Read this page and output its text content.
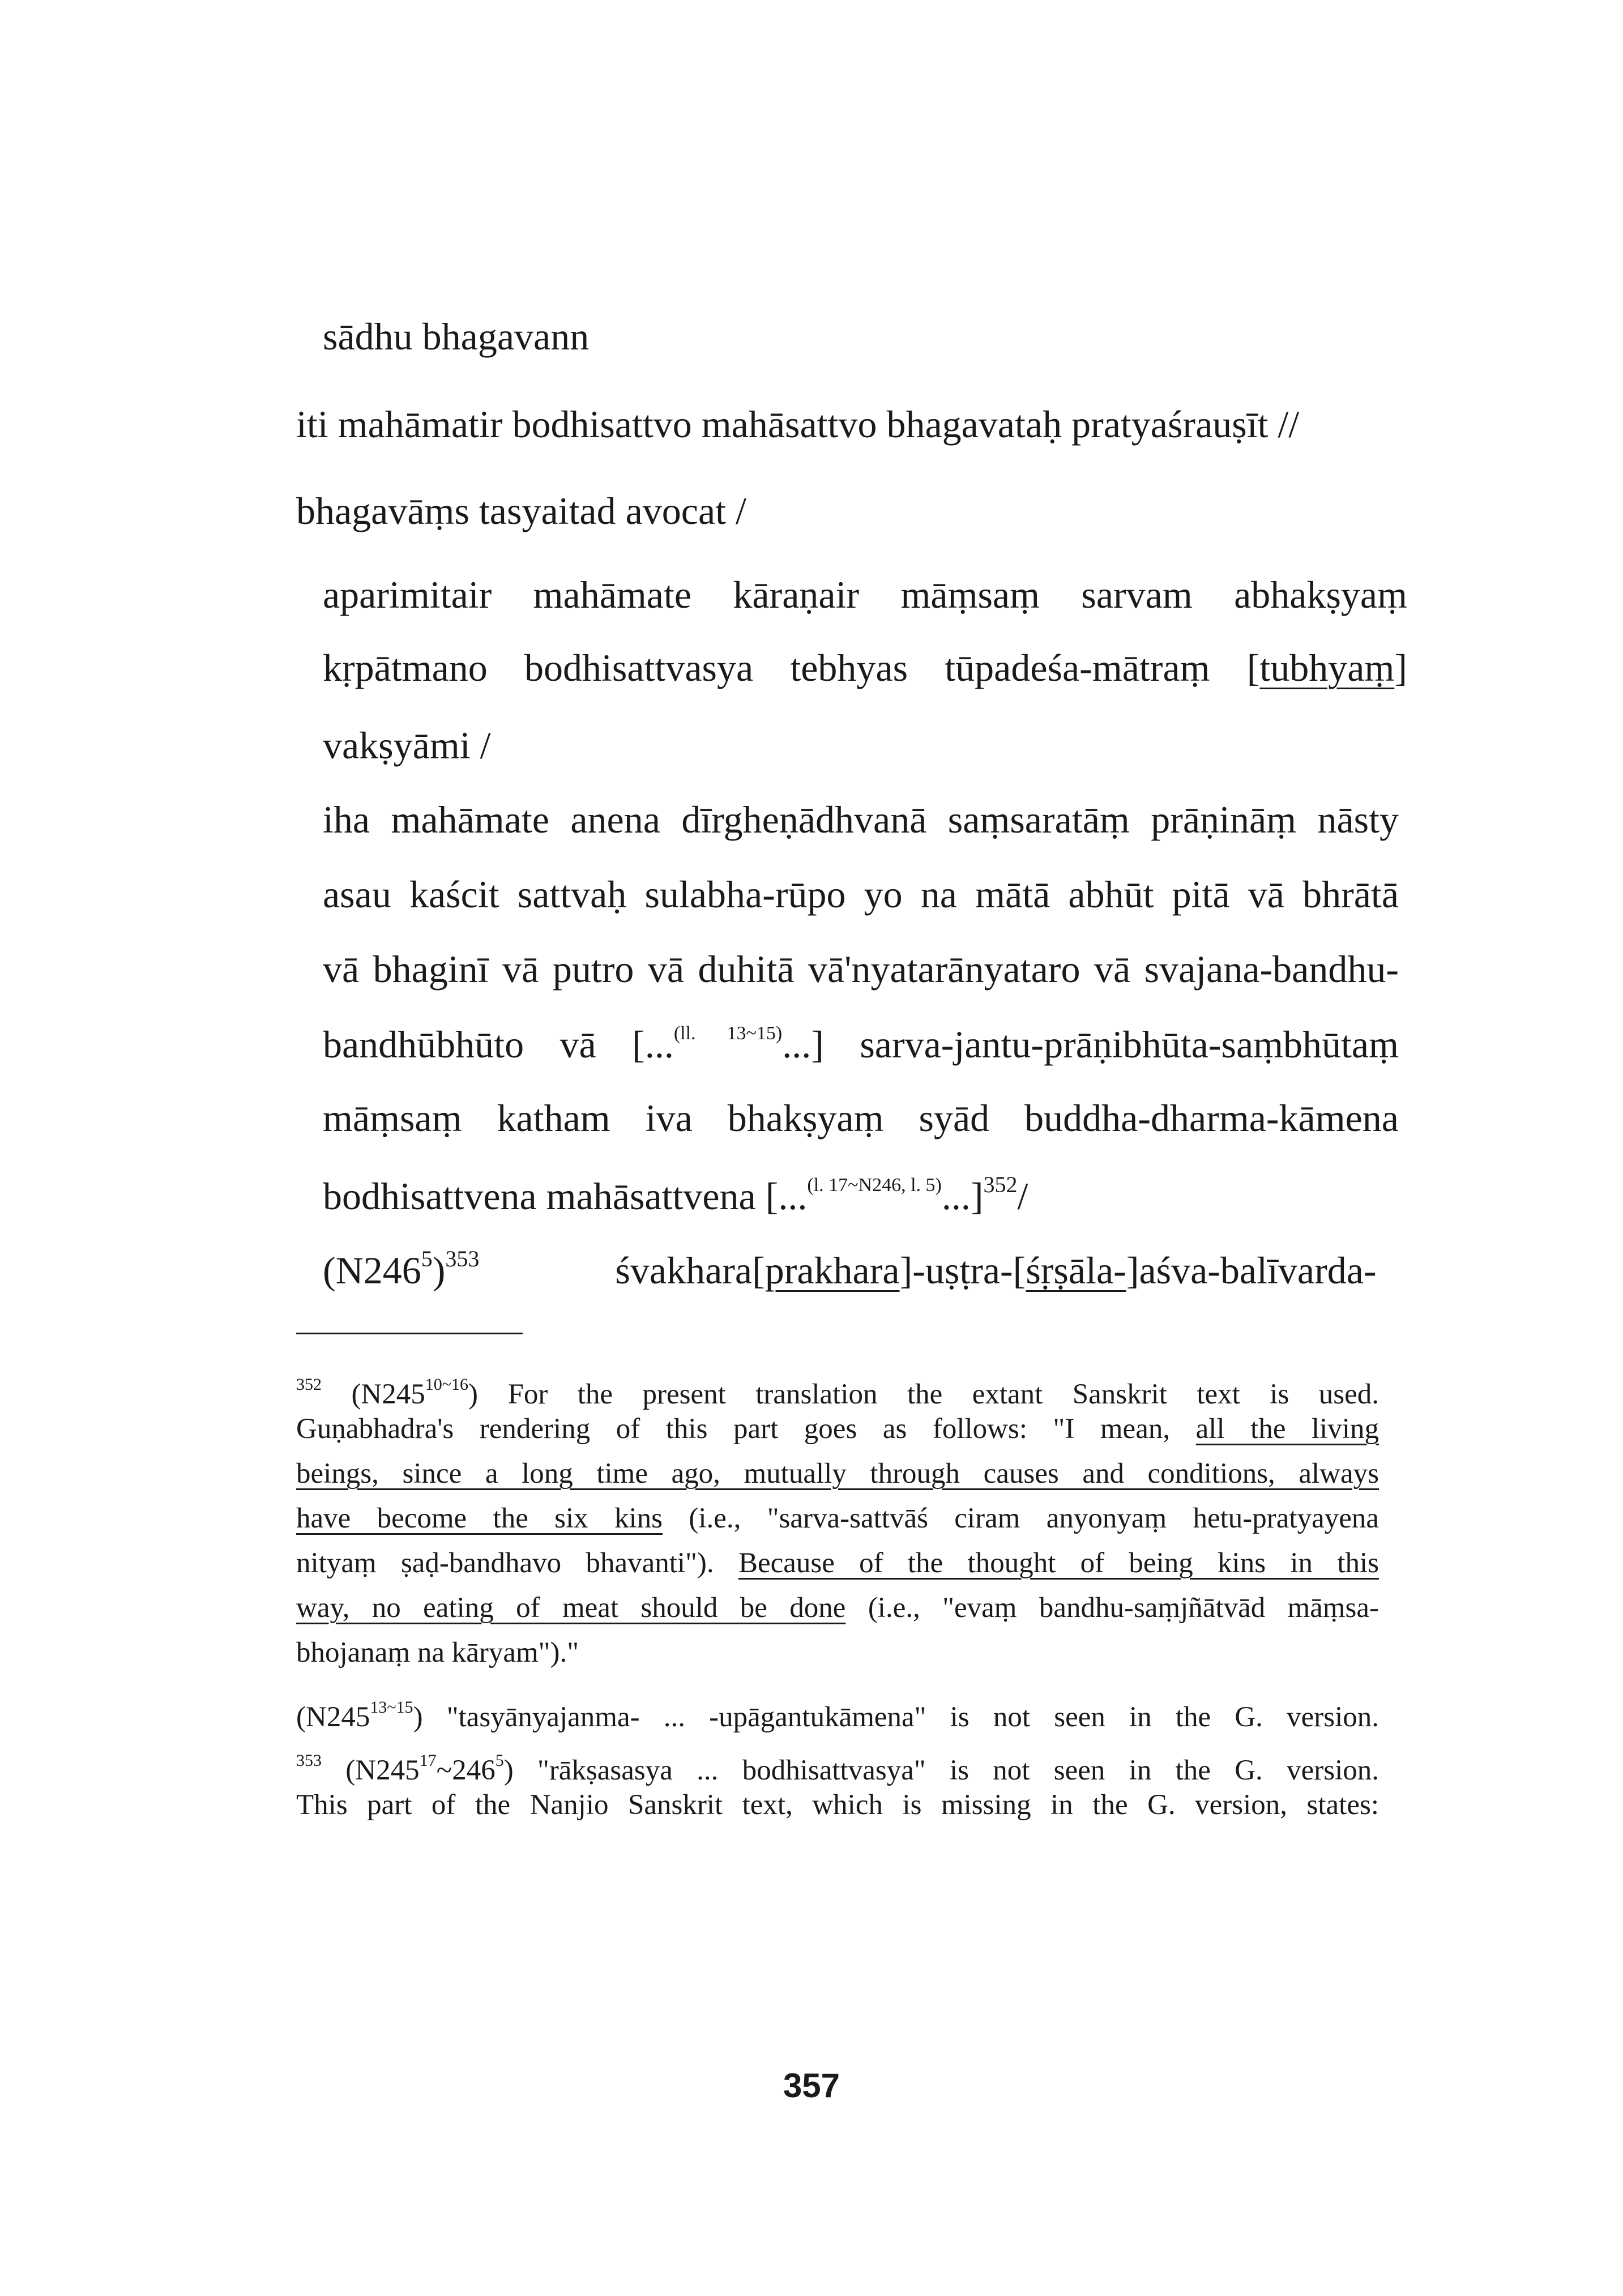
sādhu bhagavann
iti mahāmatir bodhisattvo mahāsattvo bhagavataḥ pratyaśrauṣīt //
bhagavāṃs tasyaitad avocat /
aparimitair mahāmate kāraṇair māṃsaṃ sarvam abhakṣyaṃ
kṛpātmano bodhisattvasya tebhyas tūpadeśa-mātraṃ [tubhyaṃ]
vakṣyāmi /
iha mahāmate anena dīrgheṇādhvanā saṃsaratāṃ prāṇināṃ nāsty
asau kaścit sattvaḥ sulabha-rūpo yo na mātā abhūt pitā vā bhrātā
vā bhaginī vā putro vā duhitā vā'nyatarānyataro vā svajana-bandhu-
bandhūbhūto vā [...$^{(ll. 13\sim 15)}$...] sarva-jantu-prāṇibhūta-saṃbhūtaṃ
māṃsaṃ katham iva bhakṣyaṃ syād buddha-dharma-kāmena
bodhisattvena mahāsattvena $[...^{(l. 17\sim N246, l. 5)}...]^{352}/$
$(N246^5)^{353}$	śvakhara[prakhara]-uṣṭra-[śṛṣāla-]aśva-balīvarda-
$^{352}$ $(N245^{10\sim 16})$ For the present translation the extant Sanskrit text is used.
Guṇabhadra's rendering of this part goes as follows: "I mean, all the living
beings, since a long time ago, mutually through causes and conditions, always
have become the six kins (i.e., "sarva-sattvāś ciram anyonyaṃ hetu-pratyayena
nityaṃ ṣaḍ-bandhavo bhavanti"). Because of the thought of being kins in this
way, no eating of meat should be done (i.e., "evaṃ bandhu-saṃjñātvād māṃsa-
bhojanaṃ na kāryam")."
$(N245^{13\sim 15})$ "tasyānyajanma- ... -upāgantukāmena" is not seen in the G. version.
$^{353}$ $(N245^{17}\sim 246^5)$ "rākṣasasya ... bodhisattvasya" is not seen in the G. version.
This part of the Nanjio Sanskrit text, which is missing in the G. version, states:
357
